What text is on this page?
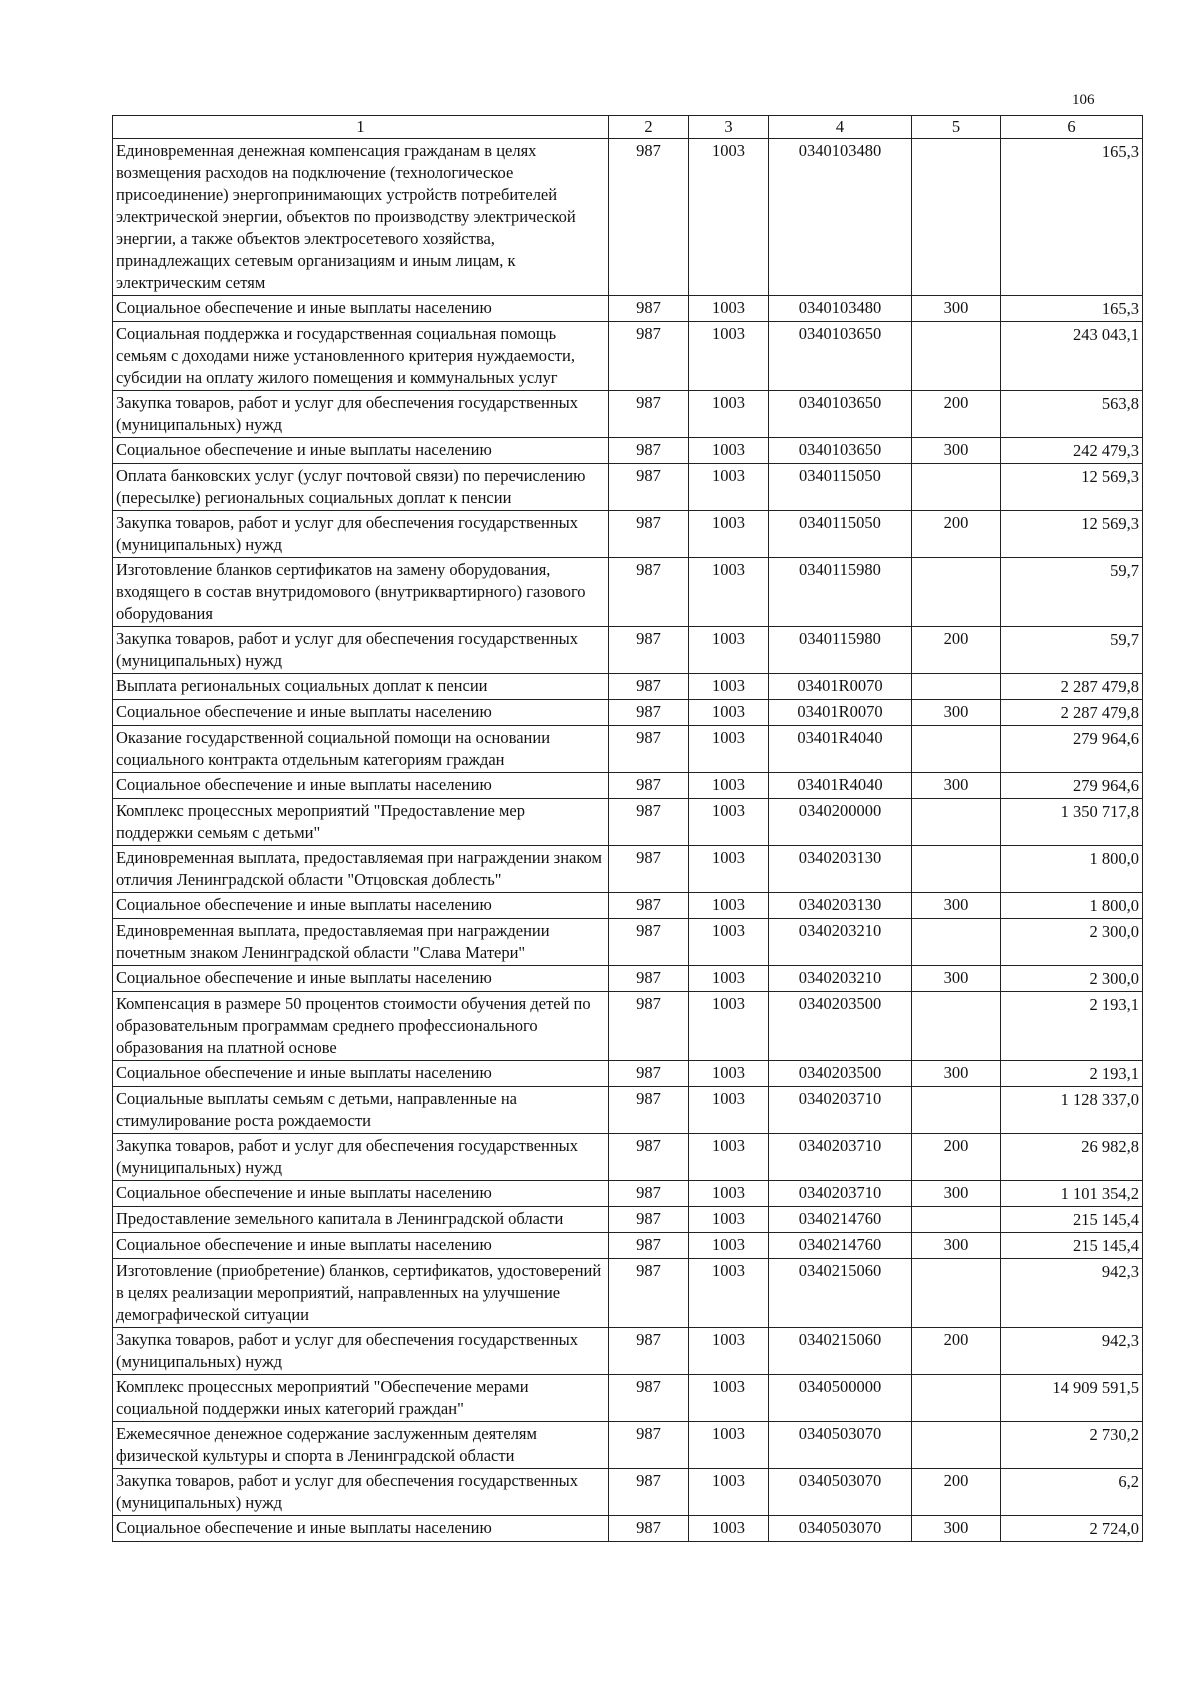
106
1	2	3	4	5	6
Единовременная денежная компенсация гражданам в целях возмещения расходов на подключение (технологическое присоединение) энергопринимающих устройств потребителей электрической энергии, объектов по производству электрической энергии, а также объектов электросетевого хозяйства, принадлежащих сетевым организациям и иным лицам, к электрическим сетям	987	1003	0340103480		165,3
Социальное обеспечение и иные выплаты населению	987	1003	0340103480	300	165,3
Социальная поддержка и государственная социальная помощь семьям с доходами ниже установленного критерия нуждаемости, субсидии на оплату жилого помещения и коммунальных услуг	987	1003	0340103650		243 043,1
Закупка товаров, работ и услуг для обеспечения государственных (муниципальных) нужд	987	1003	0340103650	200	563,8
Социальное обеспечение и иные выплаты населению	987	1003	0340103650	300	242 479,3
Оплата банковских услуг (услуг почтовой связи) по перечислению (пересылке) региональных социальных доплат к пенсии	987	1003	0340115050		12 569,3
Закупка товаров, работ и услуг для обеспечения государственных (муниципальных) нужд	987	1003	0340115050	200	12 569,3
Изготовление бланков сертификатов на замену оборудования, входящего в состав внутридомового (внутриквартирного) газового оборудования	987	1003	0340115980		59,7
Закупка товаров, работ и услуг для обеспечения государственных (муниципальных) нужд	987	1003	0340115980	200	59,7
Выплата региональных социальных доплат к пенсии	987	1003	03401R0070		2 287 479,8
Социальное обеспечение и иные выплаты населению	987	1003	03401R0070	300	2 287 479,8
Оказание государственной социальной помощи на основании социального контракта отдельным категориям граждан	987	1003	03401R4040		279 964,6
Социальное обеспечение и иные выплаты населению	987	1003	03401R4040	300	279 964,6
Комплекс процессных мероприятий "Предоставление мер поддержки семьям с детьми"	987	1003	0340200000		1 350 717,8
Единовременная выплата, предоставляемая при награждении знаком отличия Ленинградской области "Отцовская доблесть"	987	1003	0340203130		1 800,0
Социальное обеспечение и иные выплаты населению	987	1003	0340203130	300	1 800,0
Единовременная выплата, предоставляемая при награждении почетным знаком Ленинградской области "Слава Матери"	987	1003	0340203210		2 300,0
Социальное обеспечение и иные выплаты населению	987	1003	0340203210	300	2 300,0
Компенсация в размере 50 процентов стоимости обучения детей по образовательным программам среднего профессионального образования на платной основе	987	1003	0340203500		2 193,1
Социальное обеспечение и иные выплаты населению	987	1003	0340203500	300	2 193,1
Социальные выплаты семьям с детьми, направленные на стимулирование роста рождаемости	987	1003	0340203710		1 128 337,0
Закупка товаров, работ и услуг для обеспечения государственных (муниципальных) нужд	987	1003	0340203710	200	26 982,8
Социальное обеспечение и иные выплаты населению	987	1003	0340203710	300	1 101 354,2
Предоставление земельного капитала в Ленинградской области	987	1003	0340214760		215 145,4
Социальное обеспечение и иные выплаты населению	987	1003	0340214760	300	215 145,4
Изготовление (приобретение) бланков, сертификатов, удостоверений в целях реализации мероприятий, направленных на улучшение демографической ситуации	987	1003	0340215060		942,3
Закупка товаров, работ и услуг для обеспечения государственных (муниципальных) нужд	987	1003	0340215060	200	942,3
Комплекс процессных мероприятий "Обеспечение мерами социальной поддержки иных категорий граждан"	987	1003	0340500000		14 909 591,5
Ежемесячное денежное содержание заслуженным деятелям физической культуры и спорта в Ленинградской области	987	1003	0340503070		2 730,2
Закупка товаров, работ и услуг для обеспечения государственных (муниципальных) нужд	987	1003	0340503070	200	6,2
Социальное обеспечение и иные выплаты населению	987	1003	0340503070	300	2 724,0
